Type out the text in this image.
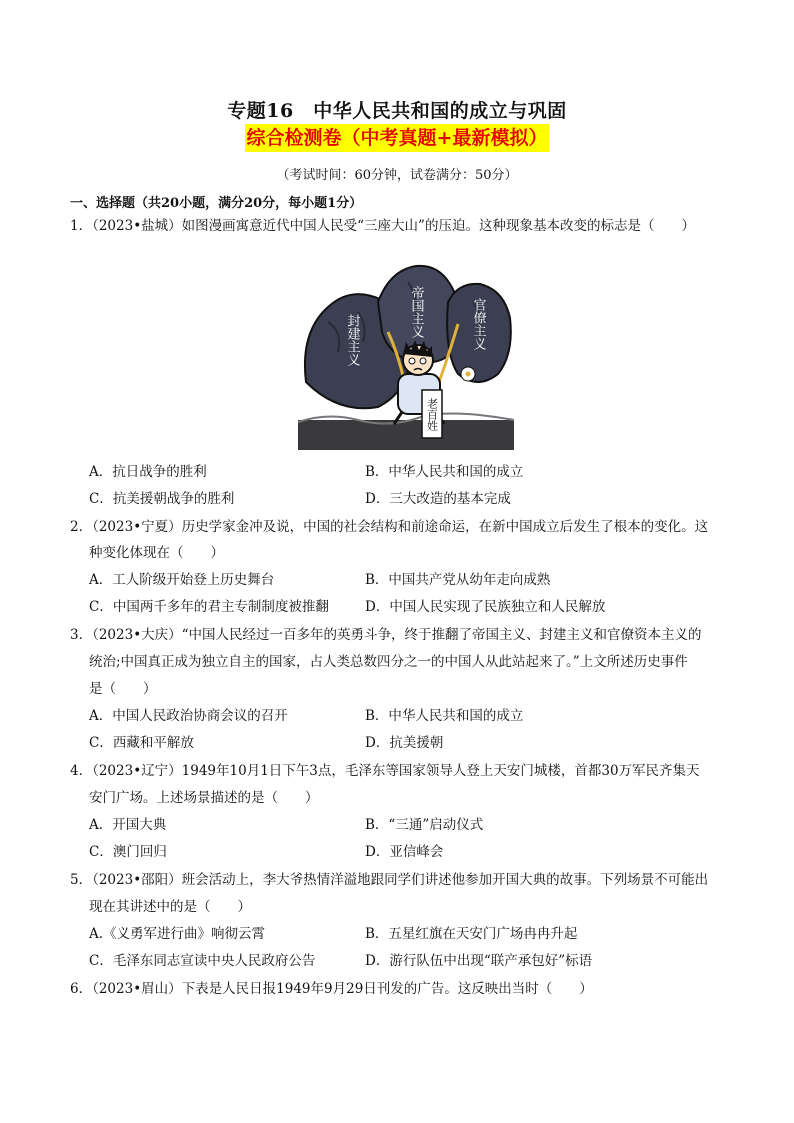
专题16　中华人民共和国的成立与巩固
综合检测卷（中考真题+最新模拟）
（考试时间：60分钟，试卷满分：50分）
一、选择题（共20小题，满分20分，每小题1分）
1．（2023•盐城）如图漫画寓意近代中国人民受“三座大山”的压迫。这种现象基本改变的标志是（　　）
封建主义
帝国主义	官僚主义
老百姓
A．抗日战争的胜利	B．中华人民共和国的成立
C．抗美援朝战争的胜利	D．三大改造的基本完成
2．（2023•宁夏）历史学家金冲及说，中国的社会结构和前途命运，在新中国成立后发生了根本的变化。这
种变化体现在（　　）
A．工人阶级开始登上历史舞台	B．中国共产党从幼年走向成熟
C．中国两千多年的君主专制制度被推翻	D．中国人民实现了民族独立和人民解放
3．（2023•大庆）“中国人民经过一百多年的英勇斗争，终于推翻了帝国主义、封建主义和官僚资本主义的
统治;中国真正成为独立自主的国家，占人类总数四分之一的中国人从此站起来了。”上文所述历史事件
是（　　）
A．中国人民政治协商会议的召开	B．中华人民共和国的成立
C．西藏和平解放	D．抗美援朝
4．（2023•辽宁）1949年10月1日下午3点，毛泽东等国家领导人登上天安门城楼，首都30万军民齐集天
安门广场。上述场景描述的是（　　）
A．开国大典	B．“三通”启动仪式
C．澳门回归	D．亚信峰会
5．（2023•邵阳）班会活动上，李大爷热情洋溢地跟同学们讲述他参加开国大典的故事。下列场景不可能出
现在其讲述中的是（　　）
A.《义勇军进行曲》响彻云霄	B．五星红旗在天安门广场冉冉升起
C．毛泽东同志宣读中央人民政府公告	D．游行队伍中出现“联产承包好”标语
6．（2023•眉山）下表是人民日报1949年9月29日刊发的广告。这反映出当时（　　）
